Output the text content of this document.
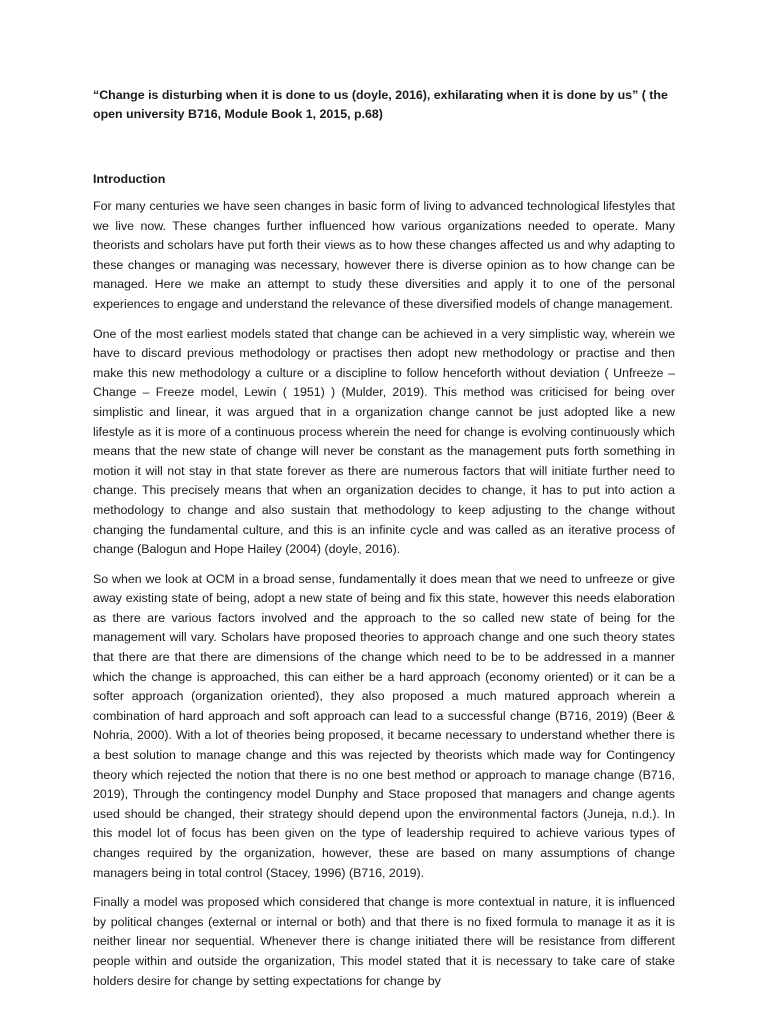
“Change is disturbing when it is done to us (doyle, 2016), exhilarating when it is done by us” ( the open university B716, Module Book 1, 2015, p.68)

Introduction

For many centuries we have seen changes in basic form of living to advanced technological lifestyles that we live now. These changes further influenced how various organizations needed to operate. Many theorists and scholars have put forth their views as to how these changes affected us and why adapting to these changes or managing was necessary, however there is diverse opinion as to how change can be managed. Here we make an attempt to study these diversities and apply it to one of the personal experiences to engage and understand the relevance of these diversified models of change management.

One of the most earliest models stated that change can be achieved in a very simplistic way, wherein we have to discard previous methodology or practises then adopt new methodology or practise and then make this new methodology a culture or a discipline to follow henceforth without deviation ( Unfreeze – Change – Freeze model, Lewin ( 1951) ) (Mulder, 2019). This method was criticised for being over simplistic and linear, it was argued that in a organization change cannot be just adopted like a new lifestyle as it is more of a continuous process wherein the need for change is evolving continuously which means that the new state of change will never be constant as the management puts forth something in motion it will not stay in that state forever as there are numerous factors that will initiate further need to change. This precisely means that when an organization decides to change, it has to put into action a methodology to change and also sustain that methodology to keep adjusting to the change without changing the fundamental culture, and this is an infinite cycle and was called as an iterative process of change (Balogun and Hope Hailey (2004) (doyle, 2016).

So when we look at OCM in a broad sense, fundamentally it does mean that we need to unfreeze or give away existing state of being, adopt a new state of being and fix this state, however this needs elaboration as there are various factors involved and the approach to the so called new state of being for the management will vary. Scholars have proposed theories to approach change and one such theory states that there are that there are dimensions of the change which need to be to be addressed in a manner which the change is approached, this can either be a hard approach (economy oriented) or it can be a softer approach (organization oriented), they also proposed a much matured approach wherein a combination of hard approach and soft approach can lead to a successful change (B716, 2019) (Beer & Nohria, 2000). With a lot of theories being proposed, it became necessary to understand whether there is a best solution to manage change and this was rejected by theorists which made way for Contingency theory which rejected the notion that there is no one best method or approach to manage change (B716, 2019), Through the contingency model Dunphy and Stace proposed that managers and change agents used should be changed, their strategy should depend upon the environmental factors (Juneja, n.d.). In this model lot of focus has been given on the type of leadership required to achieve various types of changes required by the organization, however, these are based on many assumptions of change managers being in total control (Stacey, 1996) (B716, 2019).

Finally a model was proposed which considered that change is more contextual in nature, it is influenced by political changes (external or internal or both) and that there is no fixed formula to manage it as it is neither linear nor sequential. Whenever there is change initiated there will be resistance from different people within and outside the organization, This model stated that it is necessary to take care of stake holders desire for change by setting expectations for change by
